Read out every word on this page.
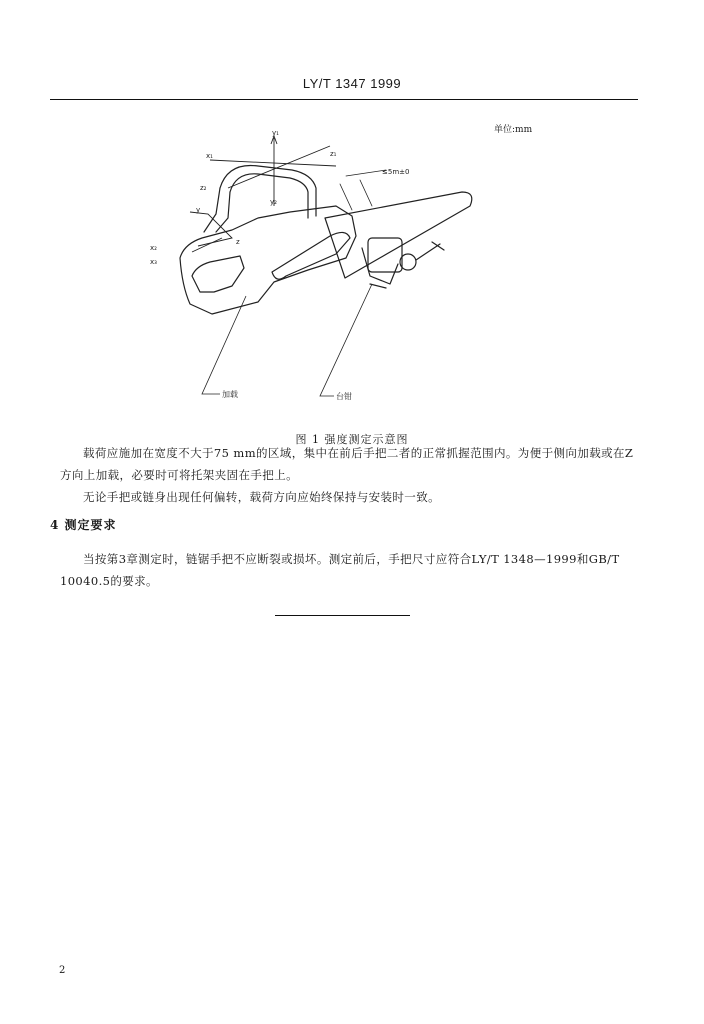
LY/T 1347 1999
单位:mm
y₁
x₁	z₁
y₂
z₂
y
z
x₂
x₃
≤5m±0
加载	台钳
图 1 强度测定示意图
载荷应施加在宽度不大于75 mm的区域，集中在前后手把二者的正常抓握范围内。为便于侧向加载或在Z方向上加载，必要时可将托架夹固在手把上。
无论手把或链身出现任何偏转，载荷方向应始终保持与安装时一致。
4 测定要求
当按第3章测定时，链锯手把不应断裂或损坏。测定前后，手把尺寸应符合LY/T 1348—1999和GB/T 10040.5的要求。
2
